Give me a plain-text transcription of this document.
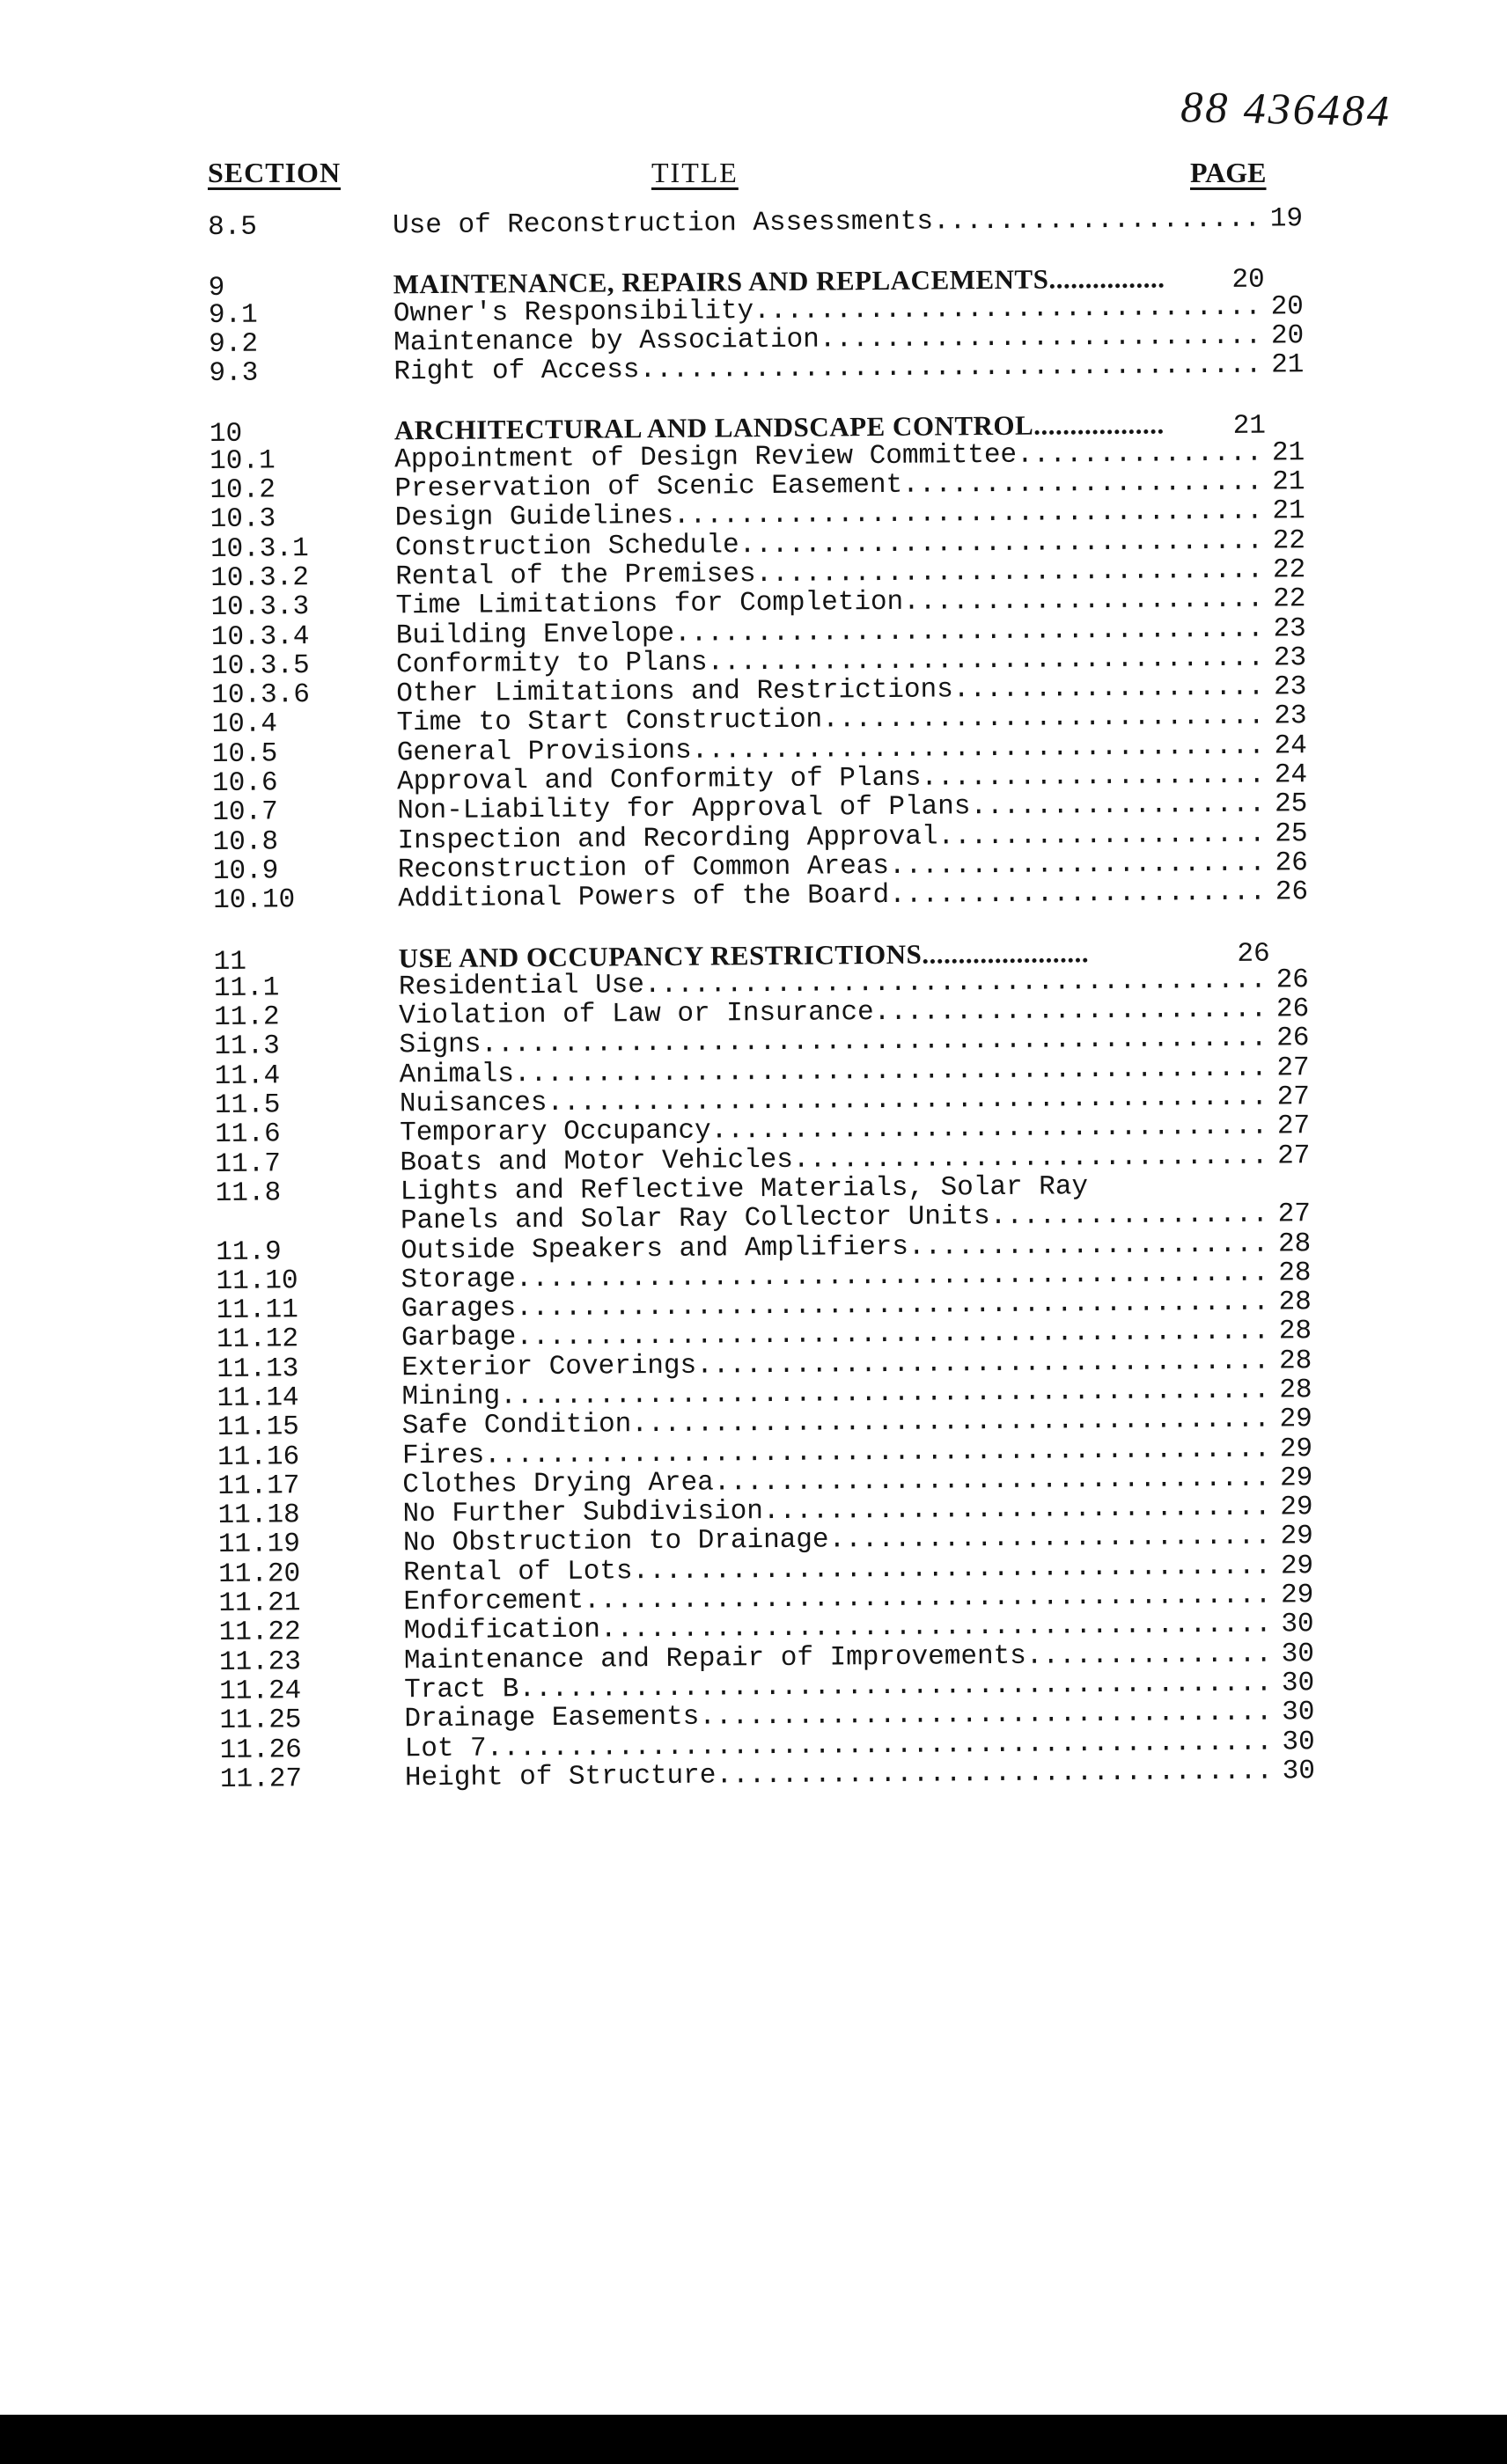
88 436484
SECTION	TITLE	PAGE
8.5	Use of Reconstruction Assessments.................... 19
9	MAINTENANCE, REPAIRS AND REPLACEMENTS................	20
9.1	Owner's Responsibility............................... 20
9.2	Maintenance by Association........................... 20
9.3	Right of Access...................................... 21
10	ARCHITECTURAL AND LANDSCAPE CONTROL..................	21
10.1	Appointment of Design Review Committee............... 21
10.2	Preservation of Scenic Easement...................... 21
10.3	Design Guidelines.................................... 21
10.3.1	Construction Schedule................................ 22
10.3.2	Rental of the Premises............................... 22
10.3.3	Time Limitations for Completion...................... 22
10.3.4	Building Envelope.................................... 23
10.3.5	Conformity to Plans.................................. 23
10.3.6	Other Limitations and Restrictions................... 23
10.4	Time to Start Construction........................... 23
10.5	General Provisions................................... 24
10.6	Approval and Conformity of Plans..................... 24
10.7	Non-Liability for Approval of Plans.................. 25
10.8	Inspection and Recording Approval.................... 25
10.9	Reconstruction of Common Areas....................... 26
10.10	Additional Powers of the Board....................... 26
11	USE AND OCCUPANCY RESTRICTIONS.......................	26
11.1	Residential Use...................................... 26
11.2	Violation of Law or Insurance........................ 26
11.3	Signs................................................ 26
11.4	Animals.............................................. 27
11.5	Nuisances............................................ 27
11.6	Temporary Occupancy.................................. 27
11.7	Boats and Motor Vehicles............................. 27
11.8	Lights and Reflective Materials, Solar Ray
Panels and Solar Ray Collector Units................. 27
11.9	Outside Speakers and Amplifiers...................... 28
11.10	Storage.............................................. 28
11.11	Garages.............................................. 28
11.12	Garbage.............................................. 28
11.13	Exterior Coverings................................... 28
11.14	Mining............................................... 28
11.15	Safe Condition....................................... 29
11.16	Fires................................................ 29
11.17	Clothes Drying Area.................................. 29
11.18	No Further Subdivision............................... 29
11.19	No Obstruction to Drainage........................... 29
11.20	Rental of Lots....................................... 29
11.21	Enforcement.......................................... 29
11.22	Modification......................................... 30
11.23	Maintenance and Repair of Improvements............... 30
11.24	Tract B.............................................. 30
11.25	Drainage Easements................................... 30
11.26	Lot 7................................................ 30
11.27	Height of Structure.................................. 30
